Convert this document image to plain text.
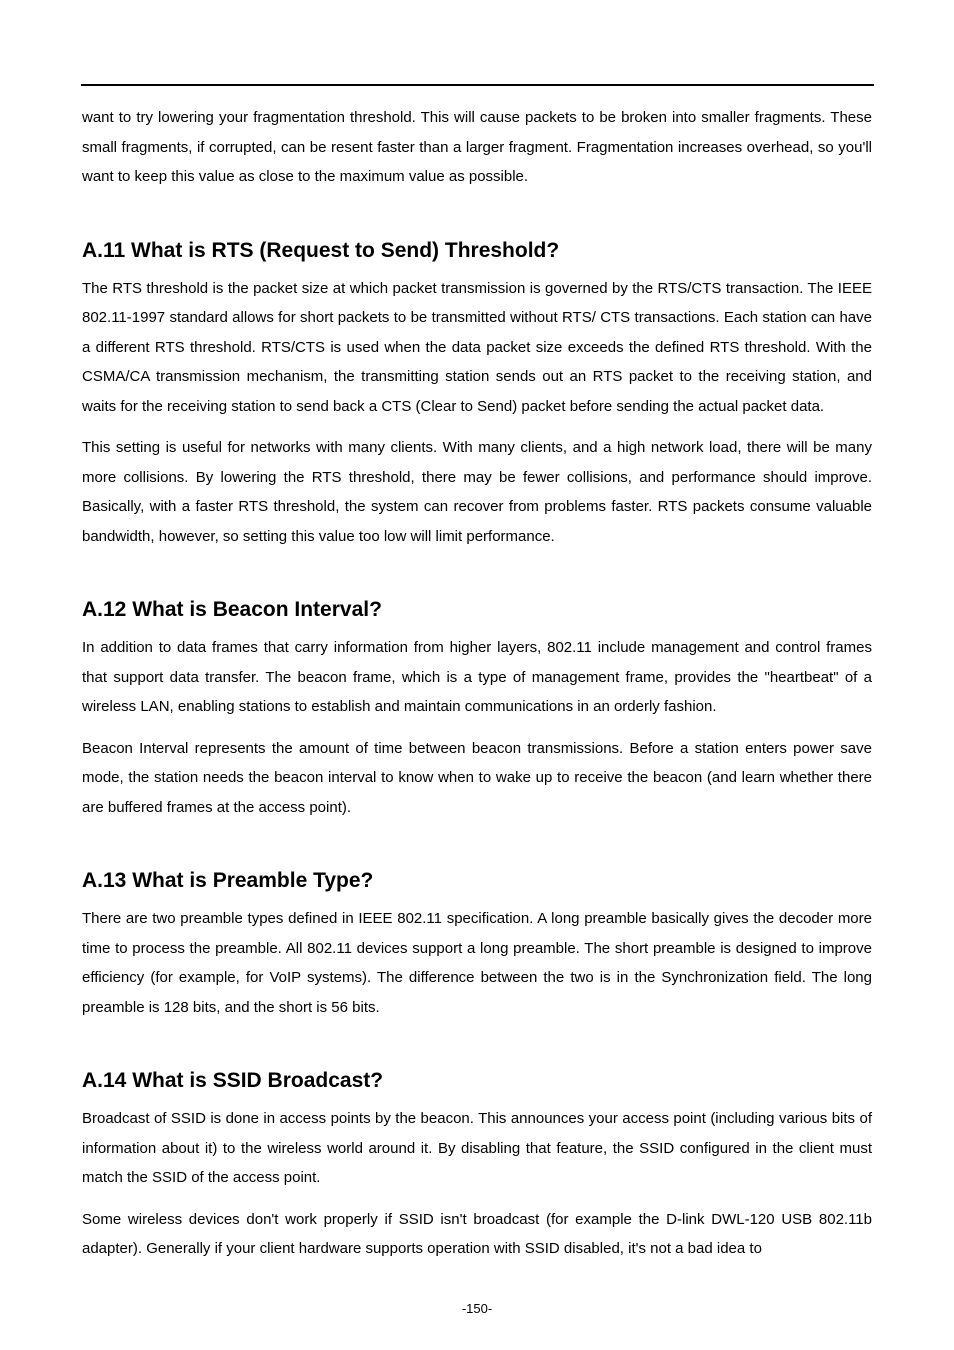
want to try lowering your fragmentation threshold. This will cause packets to be broken into smaller fragments. These small fragments, if corrupted, can be resent faster than a larger fragment. Fragmentation increases overhead, so you'll want to keep this value as close to the maximum value as possible.

A.11 What is RTS (Request to Send) Threshold?

The RTS threshold is the packet size at which packet transmission is governed by the RTS/CTS transaction. The IEEE 802.11-1997 standard allows for short packets to be transmitted without RTS/ CTS transactions. Each station can have a different RTS threshold. RTS/CTS is used when the data packet size exceeds the defined RTS threshold. With the CSMA/CA transmission mechanism, the transmitting station sends out an RTS packet to the receiving station, and waits for the receiving station to send back a CTS (Clear to Send) packet before sending the actual packet data.

This setting is useful for networks with many clients. With many clients, and a high network load, there will be many more collisions. By lowering the RTS threshold, there may be fewer collisions, and performance should improve. Basically, with a faster RTS threshold, the system can recover from problems faster. RTS packets consume valuable bandwidth, however, so setting this value too low will limit performance.

A.12 What is Beacon Interval?

In addition to data frames that carry information from higher layers, 802.11 include management and control frames that support data transfer. The beacon frame, which is a type of management frame, provides the "heartbeat" of a wireless LAN, enabling stations to establish and maintain communications in an orderly fashion.

Beacon Interval represents the amount of time between beacon transmissions. Before a station enters power save mode, the station needs the beacon interval to know when to wake up to receive the beacon (and learn whether there are buffered frames at the access point).

A.13 What is Preamble Type?

There are two preamble types defined in IEEE 802.11 specification. A long preamble basically gives the decoder more time to process the preamble. All 802.11 devices support a long preamble. The short preamble is designed to improve efficiency (for example, for VoIP systems). The difference between the two is in the Synchronization field. The long preamble is 128 bits, and the short is 56 bits.

A.14 What is SSID Broadcast?

Broadcast of SSID is done in access points by the beacon. This announces your access point (including various bits of information about it) to the wireless world around it. By disabling that feature, the SSID configured in the client must match the SSID of the access point.

Some wireless devices don't work properly if SSID isn't broadcast (for example the D-link DWL-120 USB 802.11b adapter). Generally if your client hardware supports operation with SSID disabled, it's not a bad idea to

-150-
